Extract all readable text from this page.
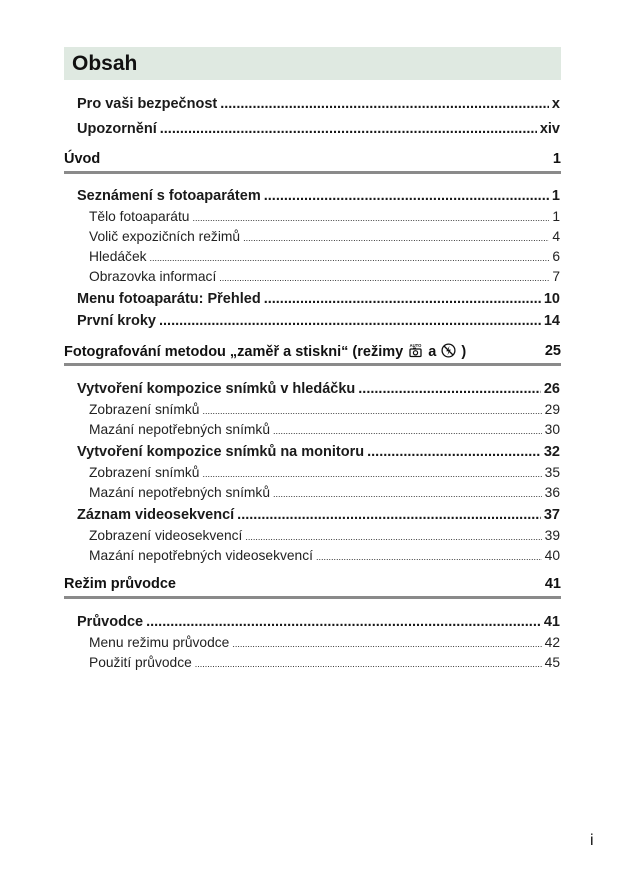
Obsah
Pro vaši bezpečnost .....	x
Upozornění .....	xiv
Úvod	1
Seznámení s fotoaparátem .....	1
Tělo fotoaparátu .....	1
Volič expozičních režimů .....	4
Hledáček .....	6
Obrazovka informací .....	7
Menu fotoaparátu: Přehled .....	10
První kroky .....	14
Fotografování metodou „zaměř a stiskni“ (režimy AUTO a )	25
Vytvoření kompozice snímků v hledáčku .....	26
Zobrazení snímků .....	29
Mazání nepotřebných snímků .....	30
Vytvoření kompozice snímků na monitoru .....	32
Zobrazení snímků .....	35
Mazání nepotřebných snímků .....	36
Záznam videosekvencí .....	37
Zobrazení videosekvencí .....	39
Mazání nepotřebných videosekvencí .....	40
Režim průvodce	41
Průvodce .....	41
Menu režimu průvodce .....	42
Použití průvodce .....	45
i
